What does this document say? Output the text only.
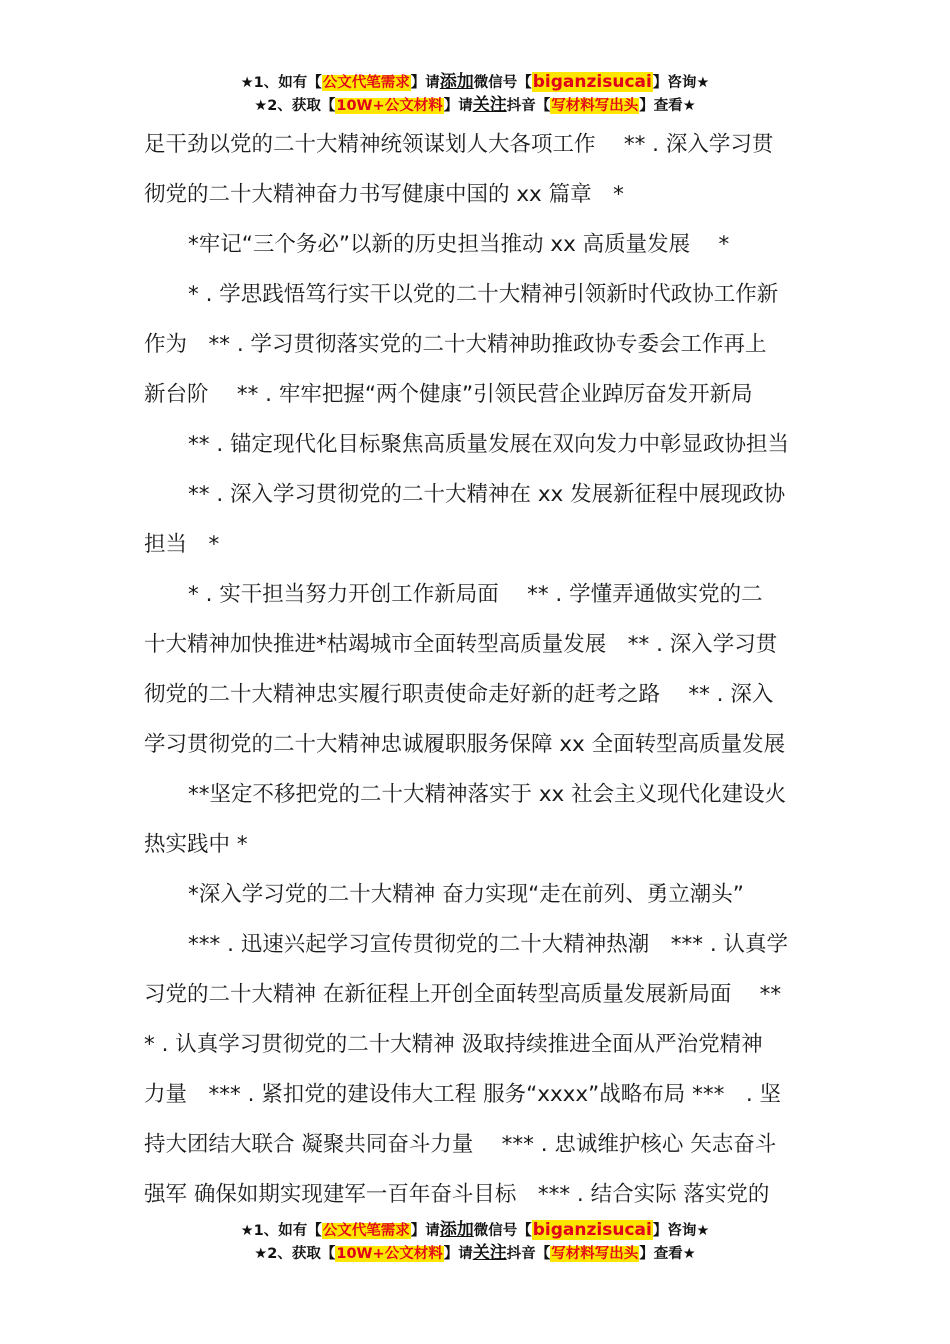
★1、如有【公文代笔需求】请添加微信号【biganzisucai】咨询★
★2、获取【10W+公文材料】请关注抖音【写材料写出头】查看★
足干劲以党的二十大精神统领谋划人大各项工作　 ** . 深入学习贯
彻党的二十大精神奋力书写健康中国的 xx 篇章　*
*牢记“三个务必”以新的历史担当推动 xx 高质量发展　 *
* . 学思践悟笃行实干以党的二十大精神引领新时代政协工作新
作为　** . 学习贯彻落实党的二十大精神助推政协专委会工作再上
新台阶　 ** . 牢牢把握“两个健康”引领民营企业踔厉奋发开新局
** . 锚定现代化目标聚焦高质量发展在双向发力中彰显政协担当
** . 深入学习贯彻党的二十大精神在 xx 发展新征程中展现政协
担当　*
* . 实干担当努力开创工作新局面　 ** . 学懂弄通做实党的二
十大精神加快推进*枯竭城市全面转型高质量发展　** . 深入学习贯
彻党的二十大精神忠实履行职责使命走好新的赶考之路　 ** . 深入
学习贯彻党的二十大精神忠诚履职服务保障 xx 全面转型高质量发展
**坚定不移把党的二十大精神落实于 xx 社会主义现代化建设火
热实践中 *
*深入学习党的二十大精神 奋力实现“走在前列、勇立潮头”
*** . 迅速兴起学习宣传贯彻党的二十大精神热潮　*** . 认真学
习党的二十大精神 在新征程上开创全面转型高质量发展新局面　 **
* . 认真学习贯彻党的二十大精神 汲取持续推进全面从严治党精神
力量　*** . 紧扣党的建设伟大工程 服务“xxxx”战略布局 ***　. 坚
持大团结大联合 凝聚共同奋斗力量　 *** . 忠诚维护核心 矢志奋斗
强军 确保如期实现建军一百年奋斗目标　*** . 结合实际 落实党的
★1、如有【公文代笔需求】请添加微信号【biganzisucai】咨询★
★2、获取【10W+公文材料】请关注抖音【写材料写出头】查看★
